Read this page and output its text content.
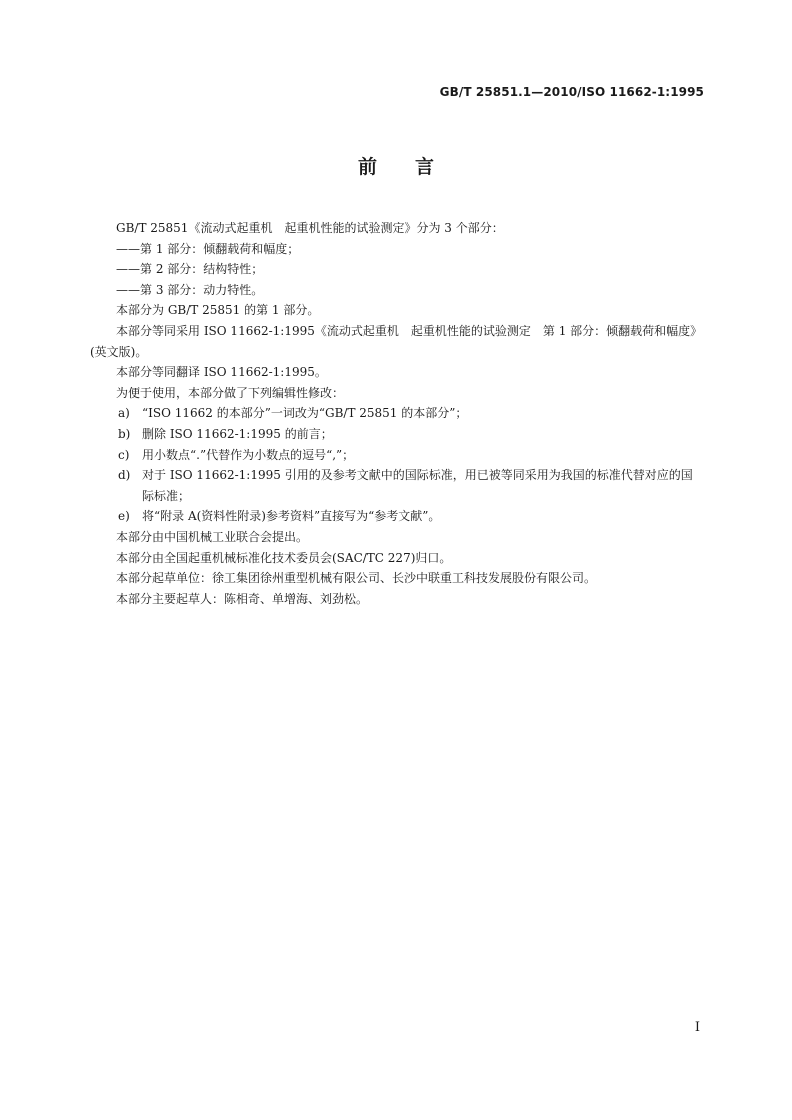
GB/T 25851.1—2010/ISO 11662-1:1995
前言

GB/T 25851《流动式起重机　起重机性能的试验测定》分为 3 个部分：

——第 1 部分：倾翻载荷和幅度；

——第 2 部分：结构特性；

——第 3 部分：动力特性。

本部分为 GB/T 25851 的第 1 部分。

本部分等同采用 ISO 11662-1:1995《流动式起重机　起重机性能的试验测定　第 1 部分：倾翻载荷和幅度》(英文版)。

本部分等同翻译 ISO 11662-1:1995。

为便于使用，本部分做了下列编辑性修改：

a) “ISO 11662 的本部分”一词改为“GB/T 25851 的本部分”；

b) 删除 ISO 11662-1:1995 的前言；

c) 用小数点“.”代替作为小数点的逗号“,”；

d) 对于 ISO 11662-1:1995 引用的及参考文献中的国际标准，用已被等同采用为我国的标准代替对应的国际标准；

e) 将“附录 A(资料性附录)参考资料”直接写为“参考文献”。

本部分由中国机械工业联合会提出。

本部分由全国起重机械标准化技术委员会(SAC/TC 227)归口。

本部分起草单位：徐工集团徐州重型机械有限公司、长沙中联重工科技发展股份有限公司。

本部分主要起草人：陈相奇、单增海、刘劲松。

I
